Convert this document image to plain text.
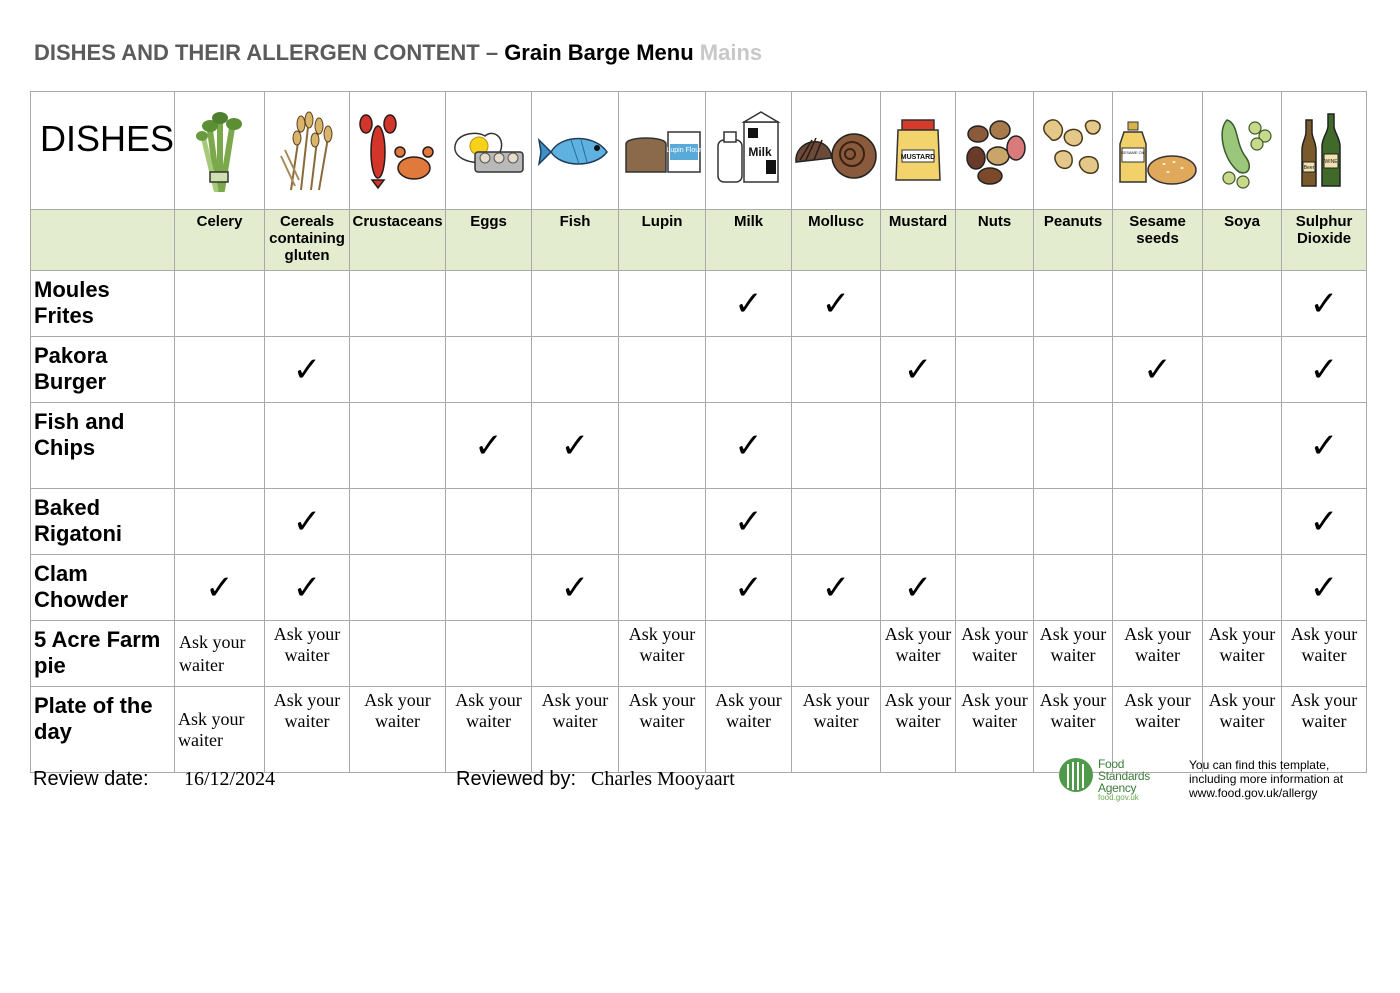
DISHES AND THEIR ALLERGEN CONTENT – Grain Barge Menu Mains
DISHES						Lupin Flour	Milk		MUSTARD			SESAME OIL		Beer
WINE

	Celery	Cereals containing gluten	Crustaceans	Eggs	Fish	Lupin	Milk	Mollusc	Mustard	Nuts	Peanuts	Sesame seeds	Soya	Sulphur Dioxide
Moules Frites							✓	✓						✓
Pakora Burger		✓							✓			✓		✓
Fish and Chips				✓	✓		✓							✓
Baked Rigatoni		✓					✓							✓
Clam Chowder	✓	✓			✓		✓	✓	✓					✓
5 Acre Farm pie	Ask your waiter	Ask your waiter				Ask your waiter			Ask your waiter	Ask your waiter	Ask your waiter	Ask your waiter	Ask your waiter	Ask your waiter
Plate of the day	Ask your waiter	Ask your waiter	Ask your waiter	Ask your waiter	Ask your waiter	Ask your waiter	Ask your waiter	Ask your waiter	Ask your waiter	Ask your waiter	Ask your waiter	Ask your waiter	Ask your waiter	Ask your waiter
Review date: 16/12/2024	Reviewed by: Charles Mooyaart
Food
Standards
Agency
food.gov.uk
You can find this template, including more information at www.food.gov.uk/allergy
